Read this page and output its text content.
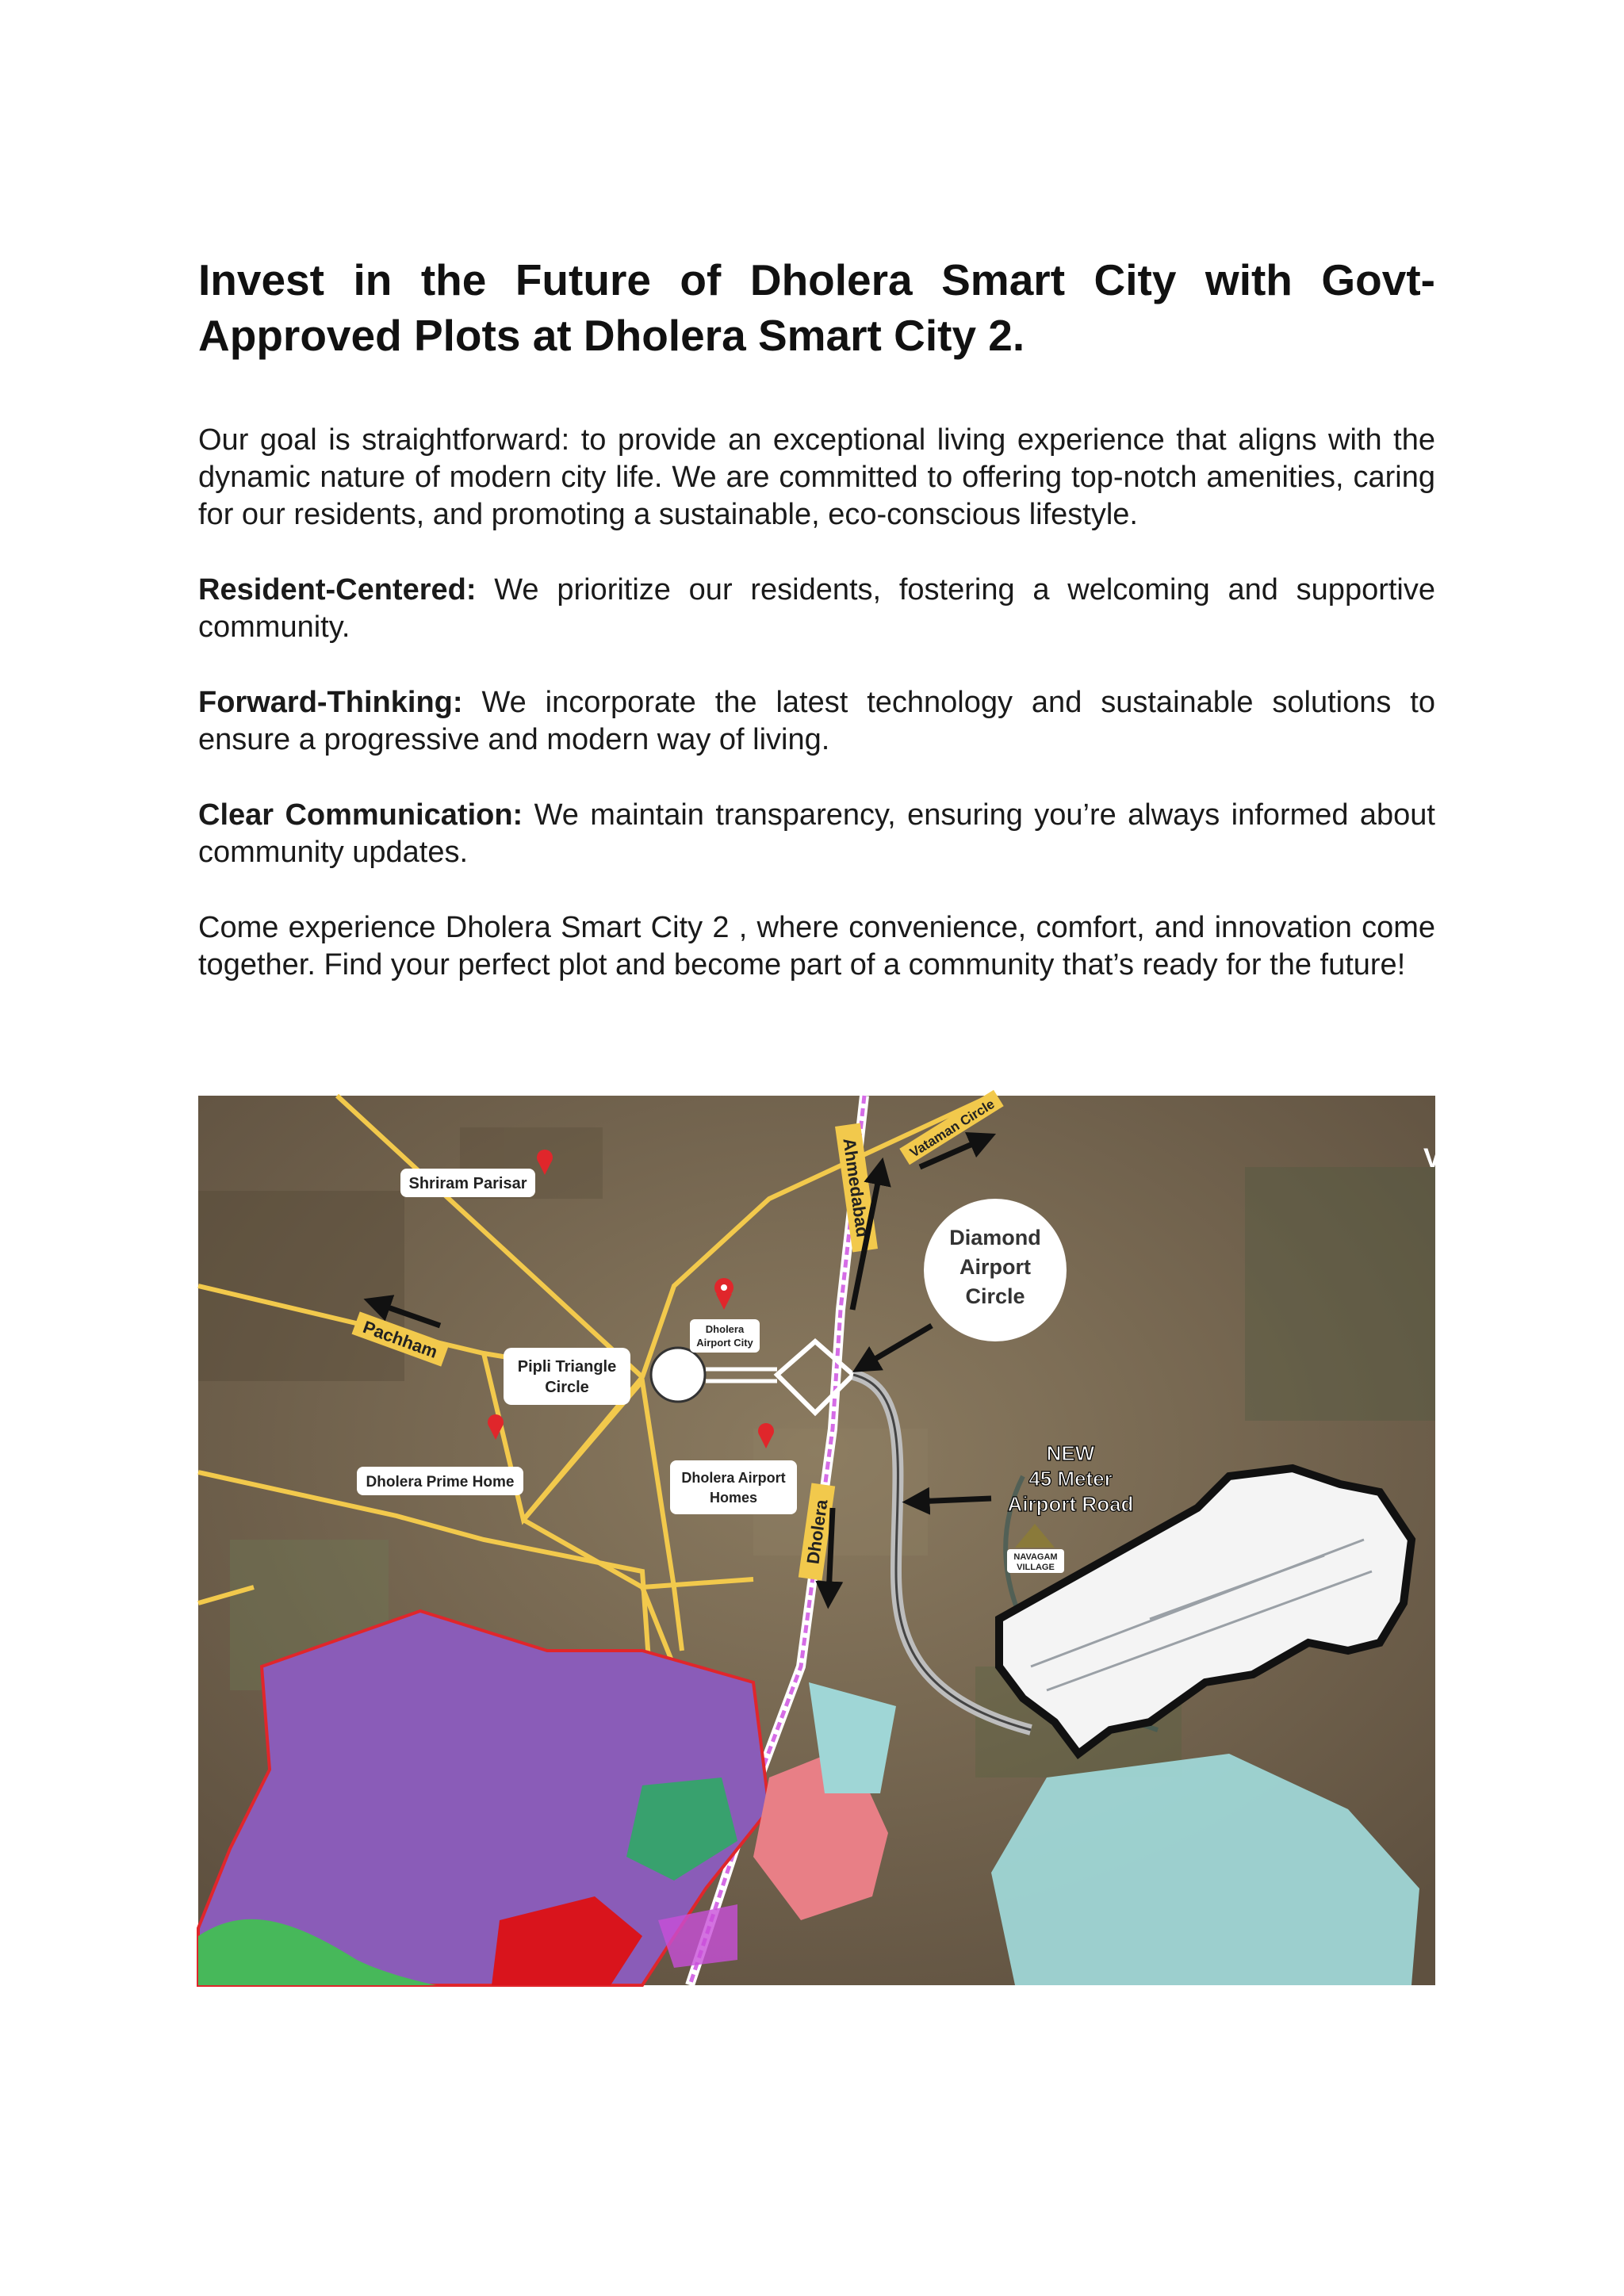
Invest in the Future of Dholera Smart City with Govt-Approved Plots at Dholera Smart City 2.

Our goal is straightforward: to provide an exceptional living experience that aligns with the dynamic nature of modern city life. We are committed to offering top-notch amenities, caring for our residents, and promoting a sustainable, eco-conscious lifestyle.

Resident-Centered: We prioritize our residents, fostering a welcoming and supportive community.

Forward-Thinking: We incorporate the latest technology and sustainable solutions to ensure a progressive and modern way of living.

Clear Communication: We maintain transparency, ensuring you’re always informed about community updates.

Come experience Dholera Smart City 2 , where convenience, comfort, and innovation come together. Find your perfect plot and become part of a community that’s ready for the future!

Shriram Parisar
Pipli Triangle
Circle
Dholera
Airport City
Dholera Prime Home	Dholera Airport
Homes
Diamond
Airport
Circle
NEW
45 Meter
Airport Road
NAVAGAM
VILLAGE
Pachham
Ahmedabad
Dholera
Vataman Circle	V
